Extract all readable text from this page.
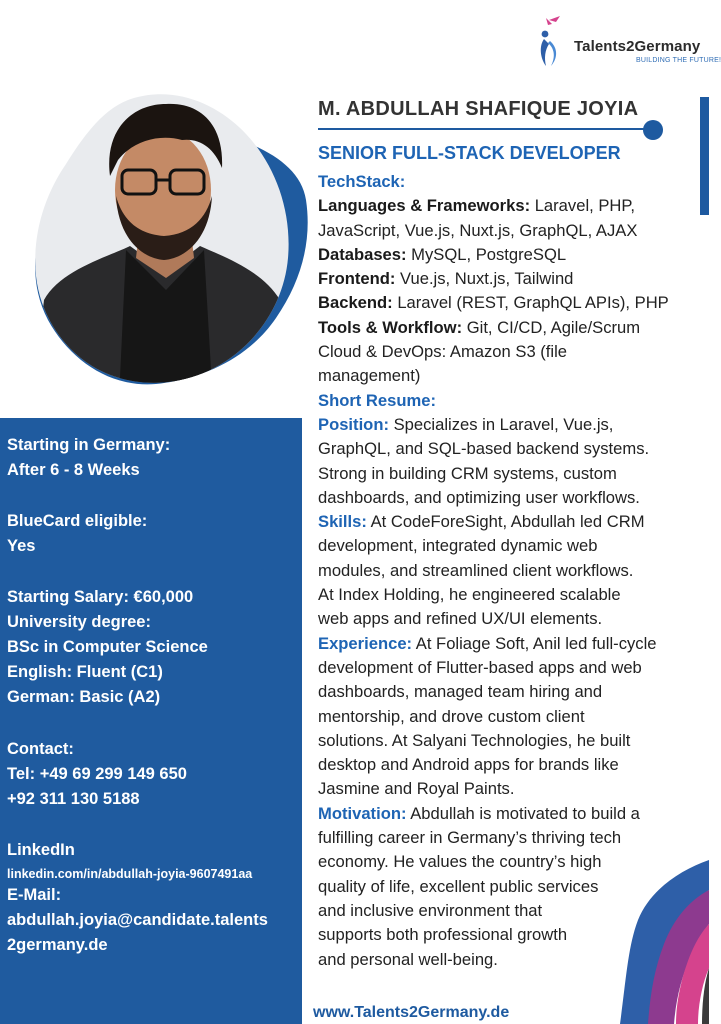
Talents2Germany
BUILDING THE FUTURE!
M. ABDULLAH SHAFIQUE JOYIA
SENIOR FULL-STACK DEVELOPER
TechStack:
Languages & Frameworks: Laravel, PHP,
JavaScript, Vue.js, Nuxt.js, GraphQL, AJAX
Databases: MySQL, PostgreSQL
Frontend: Vue.js, Nuxt.js, Tailwind
Backend: Laravel (REST, GraphQL APIs), PHP
Tools & Workflow: Git, CI/CD, Agile/Scrum
Cloud & DevOps: Amazon S3 (file
management)
Short Resume:
Position: Specializes in Laravel, Vue.js,
GraphQL, and SQL-based backend systems.
Strong in building CRM systems, custom
dashboards, and optimizing user workflows.
Skills: At CodeForeSight, Abdullah led CRM
development, integrated dynamic web
modules, and streamlined client workflows.
At Index Holding, he engineered scalable
web apps and refined UX/UI elements.
Experience: At Foliage Soft, Anil led full-cycle
development of Flutter-based apps and web
dashboards, managed team hiring and
mentorship, and drove custom client
solutions. At Salyani Technologies, he built
desktop and Android apps for brands like
Jasmine and Royal Paints.
Motivation: Abdullah is motivated to build a
fulfilling career in Germany’s thriving tech
economy. He values the country’s high
quality of life, excellent public services
and inclusive environment that
supports both professional growth
and personal well-being.
Starting in Germany:
After 6 - 8 Weeks
BlueCard eligible:
Yes
Starting Salary: €60,000
University degree:
BSc in Computer Science
English: Fluent (C1)
German: Basic (A2)
Contact:
Tel: +49 69 299 149 650
+92 311 130 5188
LinkedIn
linkedin.com/in/abdullah-joyia-9607491aa
E-Mail:
abdullah.joyia@candidate.talents
2germany.de
www.Talents2Germany.de
